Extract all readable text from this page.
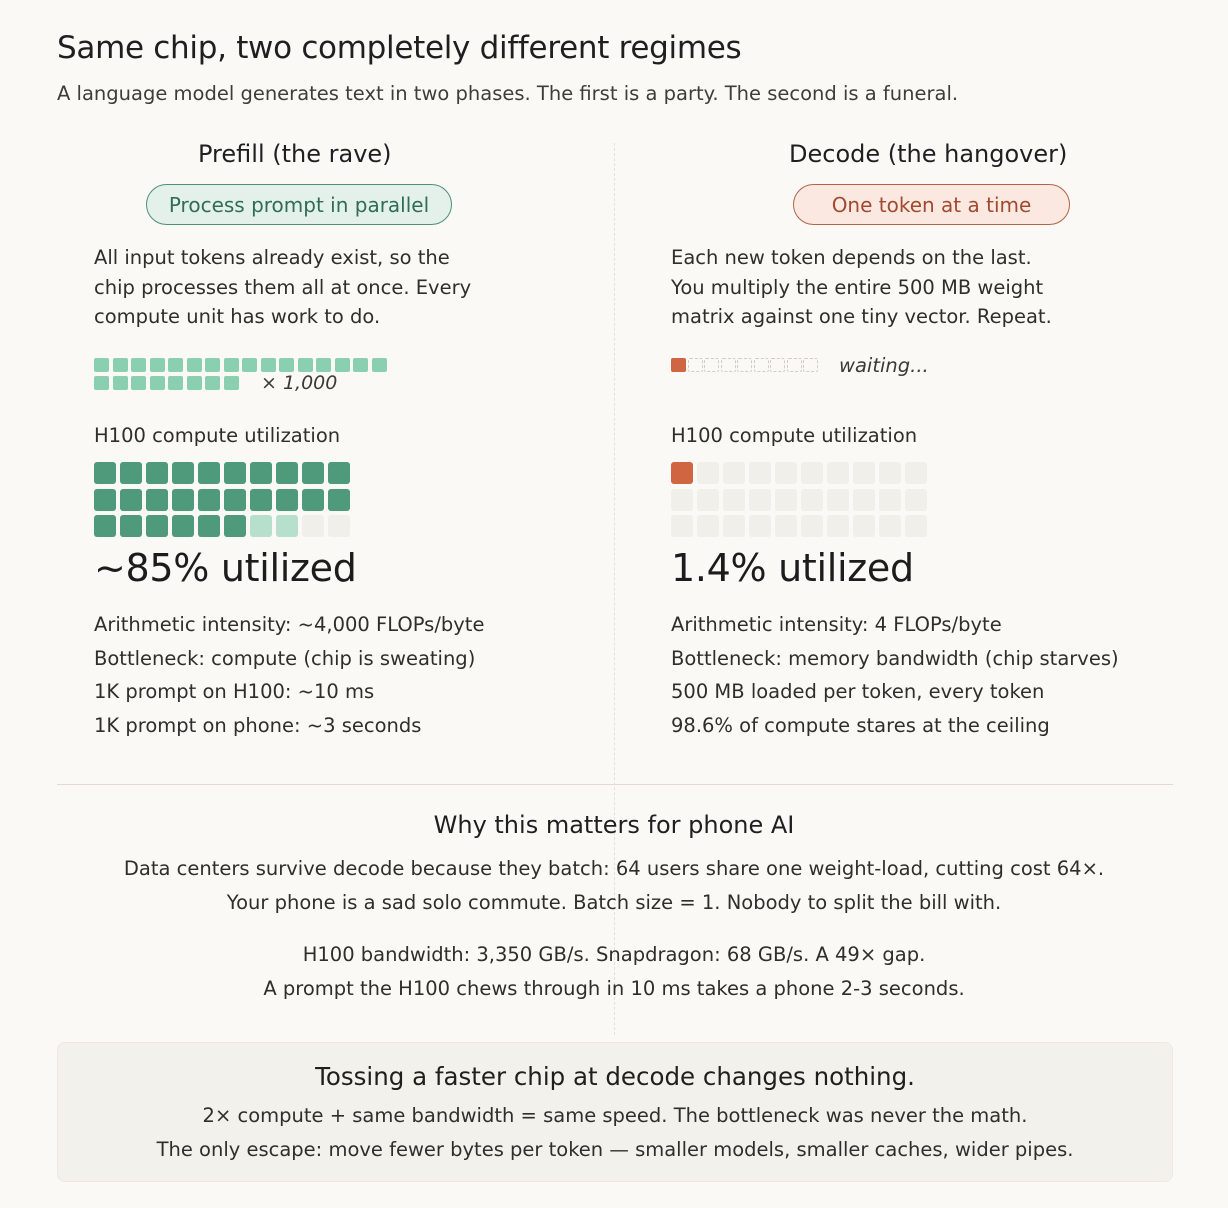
Same chip, two completely different regimes
A language model generates text in two phases. The first is a party. The second is a funeral.
Prefill (the rave)
Process prompt in parallel
All input tokens already exist, so the
chip processes them all at once. Every
compute unit has work to do.
× 1,000
H100 compute utilization
~85% utilized
Arithmetic intensity: ~4,000 FLOPs/byte
Bottleneck: compute (chip is sweating)
1K prompt on H100: ~10 ms
1K prompt on phone: ~3 seconds
Decode (the hangover)
One token at a time
Each new token depends on the last.
You multiply the entire 500 MB weight
matrix against one tiny vector. Repeat.
waiting...
H100 compute utilization
1.4% utilized
Arithmetic intensity: 4 FLOPs/byte
Bottleneck: memory bandwidth (chip starves)
500 MB loaded per token, every token
98.6% of compute stares at the ceiling
Why this matters for phone AI
Data centers survive decode because they batch: 64 users share one weight-load, cutting cost 64×.
Your phone is a sad solo commute. Batch size = 1. Nobody to split the bill with.
H100 bandwidth: 3,350 GB/s. Snapdragon: 68 GB/s. A 49× gap.
A prompt the H100 chews through in 10 ms takes a phone 2-3 seconds.
Tossing a faster chip at decode changes nothing.
2× compute + same bandwidth = same speed. The bottleneck was never the math.
The only escape: move fewer bytes per token — smaller models, smaller caches, wider pipes.
